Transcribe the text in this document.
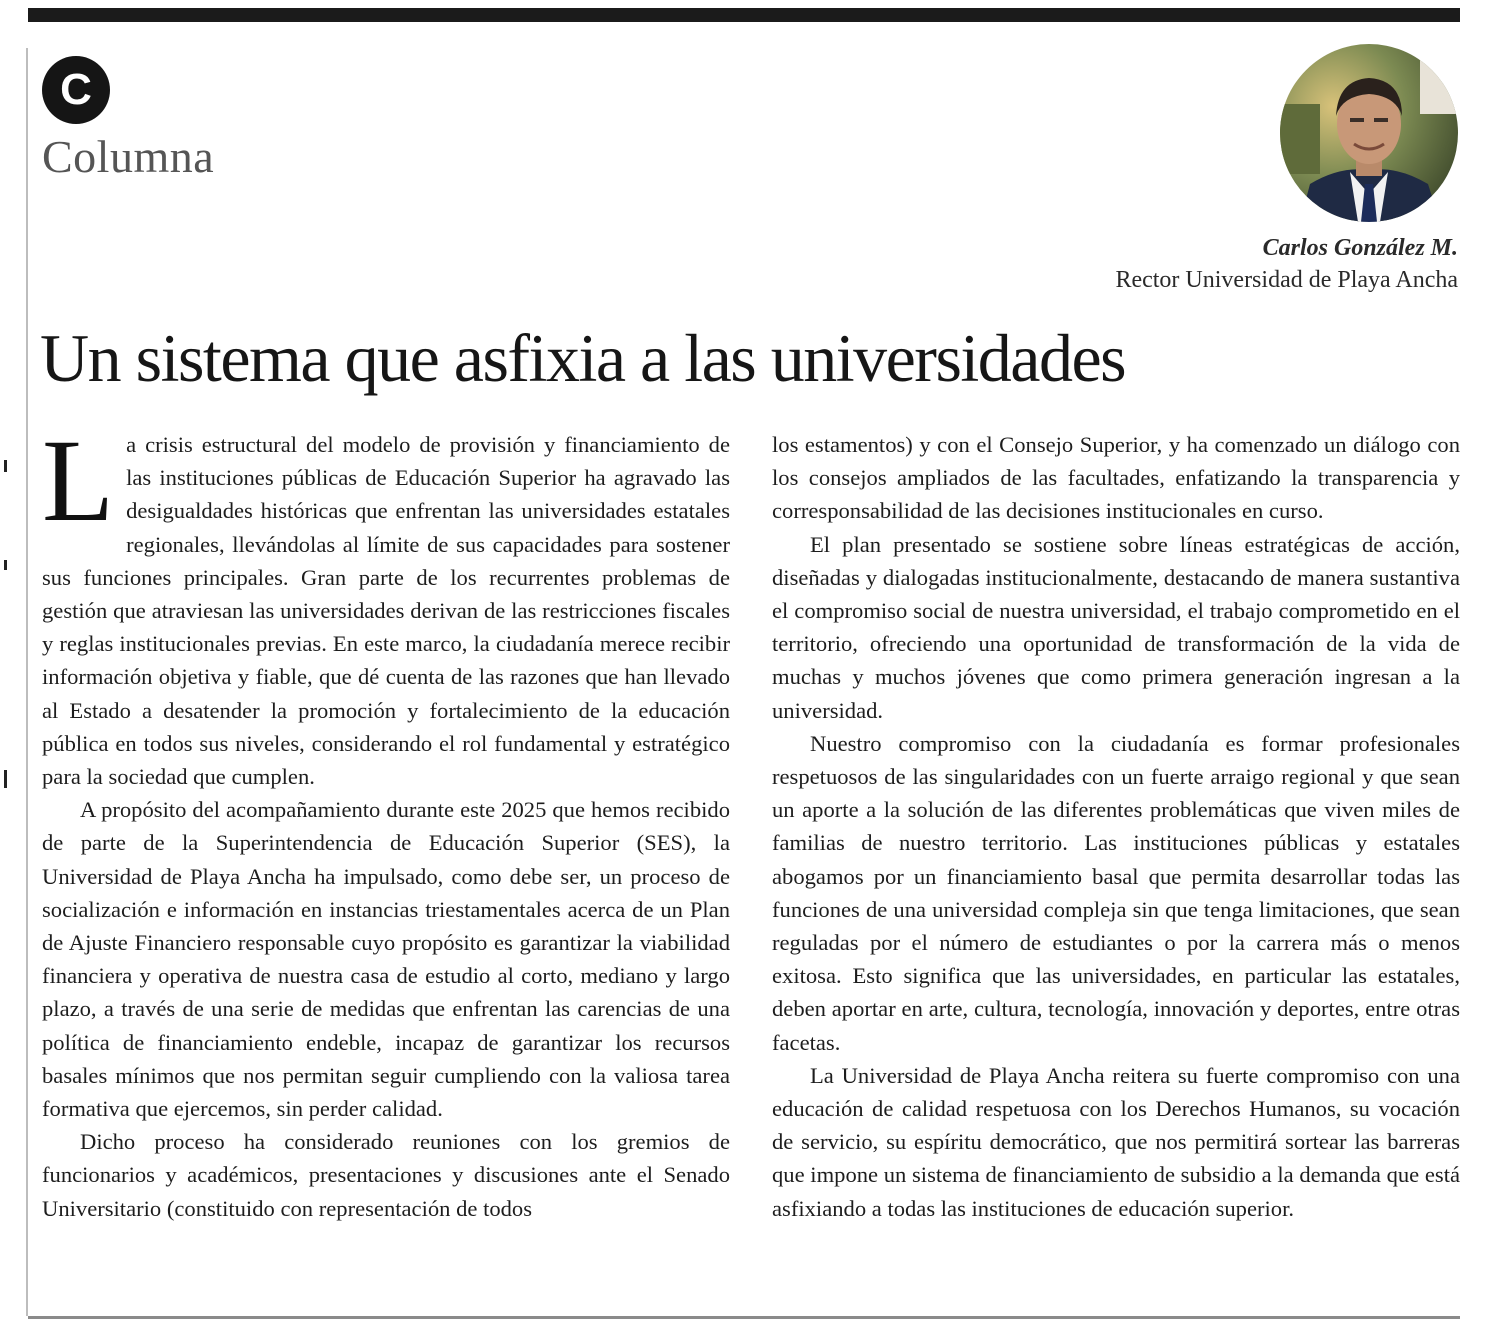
C
Columna
Carlos González M.
Rector Universidad de Playa Ancha
Un sistema que asfixia a las universidades

La crisis estructural del modelo de provisión y financiamiento de las instituciones públicas de Educación Superior ha agravado las desigualdades históricas que enfrentan las universidades estatales regionales, llevándolas al límite de sus capacidades para sostener sus funciones principales. Gran parte de los recurrentes problemas de gestión que atraviesan las universidades derivan de las restricciones fiscales y reglas institucionales previas. En este marco, la ciudadanía merece recibir información objetiva y fiable, que dé cuenta de las razones que han llevado al Estado a desatender la promoción y fortalecimiento de la educación pública en todos sus niveles, considerando el rol fundamental y estratégico para la sociedad que cumplen.

A propósito del acompañamiento durante este 2025 que hemos recibido de parte de la Superintendencia de Educación Superior (SES), la Universidad de Playa Ancha ha impulsado, como debe ser, un proceso de socialización e información en instancias triestamentales acerca de un Plan de Ajuste Financiero responsable cuyo propósito es garantizar la viabilidad financiera y operativa de nuestra casa de estudio al corto, mediano y largo plazo, a través de una serie de medidas que enfrentan las carencias de una política de financiamiento endeble, incapaz de garantizar los recursos basales mínimos que nos permitan seguir cumpliendo con la valiosa tarea formativa que ejercemos, sin perder calidad.

Dicho proceso ha considerado reuniones con los gremios de funcionarios y académicos, presentaciones y discusiones ante el Senado Universitario (constituido con representación de todos

los estamentos) y con el Consejo Superior, y ha comenzado un diálogo con los consejos ampliados de las facultades, enfatizando la transparencia y corresponsabilidad de las decisiones institucionales en curso.

El plan presentado se sostiene sobre líneas estratégicas de acción, diseñadas y dialogadas institucionalmente, destacando de manera sustantiva el compromiso social de nuestra universidad, el trabajo comprometido en el territorio, ofreciendo una oportunidad de transformación de la vida de muchas y muchos jóvenes que como primera generación ingresan a la universidad.

Nuestro compromiso con la ciudadanía es formar profesionales respetuosos de las singularidades con un fuerte arraigo regional y que sean un aporte a la solución de las diferentes problemáticas que viven miles de familias de nuestro territorio. Las instituciones públicas y estatales abogamos por un financiamiento basal que permita desarrollar todas las funciones de una universidad compleja sin que tenga limitaciones, que sean reguladas por el número de estudiantes o por la carrera más o menos exitosa. Esto significa que las universidades, en particular las estatales, deben aportar en arte, cultura, tecnología, innovación y deportes, entre otras facetas.

La Universidad de Playa Ancha reitera su fuerte compromiso con una educación de calidad respetuosa con los Derechos Humanos, su vocación de servicio, su espíritu democrático, que nos permitirá sortear las barreras que impone un sistema de financiamiento de subsidio a la demanda que está asfixiando a todas las instituciones de educación superior.
